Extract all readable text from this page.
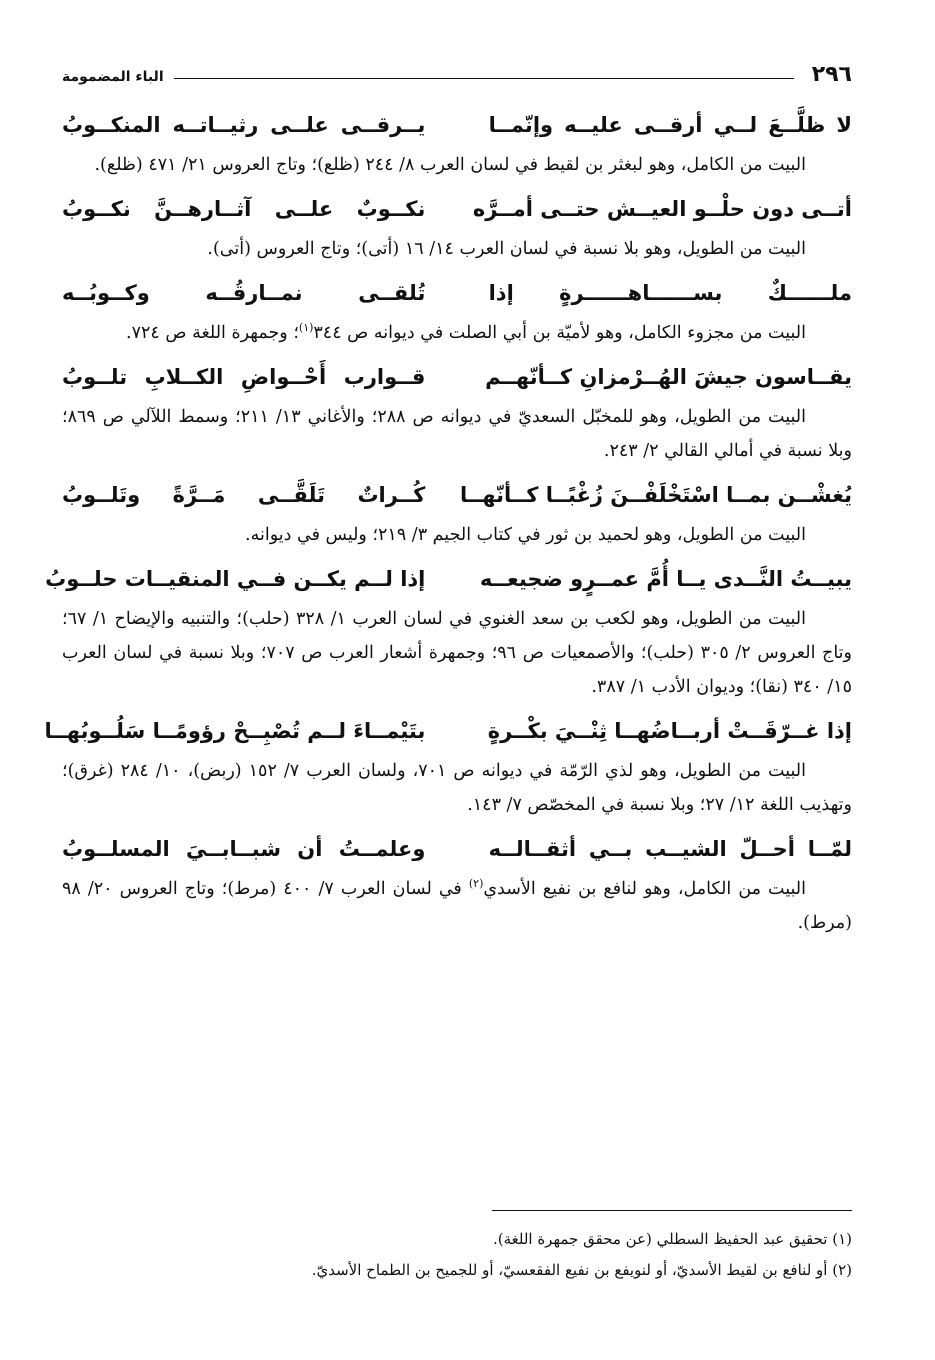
٢٩٦
الباء المضمومة
لا ظلَّــعَ لــي أرقــى عليــه وإنّمــا
يــرقــى علــى رثيــاتــه المنكــوبُ

البيت من الكامل، وهو لبغثر بن لقيط في لسان العرب ٨/ ٢٤٤ (ظلع)؛ وتاج العروس ٢١/ ٤٧١ (ظلع).

أتــى دون حلْــو العيــش حتــى أمــرَّه
نكــوبٌ علــى آثــارهــنَّ نكــوبُ

البيت من الطويل، وهو بلا نسبة في لسان العرب ١٤/ ١٦ (أتى)؛ وتاج العروس (أتى).

ملــــــكٌ بســــــاهــــــرةٍ إذا
تُلقــى نمــارقُــه وكــوبُــه

البيت من مجزوء الكامل، وهو لأميّة بن أبي الصلت في ديوانه ص ٣٤٤$^{(١)}$؛ وجمهرة اللغة ص ٧٢٤.

يقــاسون جيشَ الهُــرْمزانِ كــأنّهــم
قــوارب أَحْــواضِ الكــلابِ تلــوبُ

البيت من الطويل، وهو للمخبّل السعديّ في ديوانه ص ٢٨٨؛ والأغاني ١٣/ ٢١١؛ وسمط اللآلي ص ٨٦٩؛ وبلا نسبة في أمالي القالي ٢/ ٢٤٣.

يُغشْــن بمــا اسْتَخْلَفْــنَ زُغْبًــا كــأنّهــا
كُــراتٌ تَلَقَّــى مَــرَّةً وتَلــوبُ

البيت من الطويل، وهو لحميد بن ثور في كتاب الجيم ٣/ ٢١٩؛ وليس في ديوانه.

يبيــتُ النَّــدى يــا أُمَّ عمــرٍو ضجيعــه
إذا لــم يكــن فــي المنقيــات حلــوبُ

البيت من الطويل، وهو لكعب بن سعد الغنوي في لسان العرب ١/ ٣٢٨ (حلب)؛ والتنبيه والإيضاح ١/ ٦٧؛ وتاج العروس ٢/ ٣٠٥ (حلب)؛ والأصمعيات ص ٩٦؛ وجمهرة أشعار العرب ص ٧٠٧؛ وبلا نسبة في لسان العرب ١٥/ ٣٤٠ (نقا)؛ وديوان الأدب ١/ ٣٨٧.

إذا غــرّقَــتْ أربــاضُهــا ثِنْــيَ بكْــرةٍ
بتَيْمــاءَ لــم تُصْبِــحْ رؤومًــا سَلُــوبُهــا

البيت من الطويل، وهو لذي الرّمّة في ديوانه ص ٧٠١، ولسان العرب ٧/ ١٥٢ (ربض)، ١٠/ ٢٨٤ (غرق)؛ وتهذيب اللغة ١٢/ ٢٧؛ وبلا نسبة في المخصّص ٧/ ١٤٣.

لمّــا أحــلّ الشيــب بــي أثقــالــه
وعلمــتُ أن شبــابــيَ المسلــوبُ

البيت من الكامل، وهو لنافع بن نفيع الأسدي$^{(٢)}$ في لسان العرب ٧/ ٤٠٠ (مرط)؛ وتاج العروس ٢٠/ ٩٨ (مرط).

(١) تحقيق عبد الحفيظ السطلي (عن محقق جمهرة اللغة).

(٢) أو لنافع بن لقيط الأسديّ، أو لنويفع بن نفيع الفقعسيّ، أو للجميح بن الطماح الأسديّ.
